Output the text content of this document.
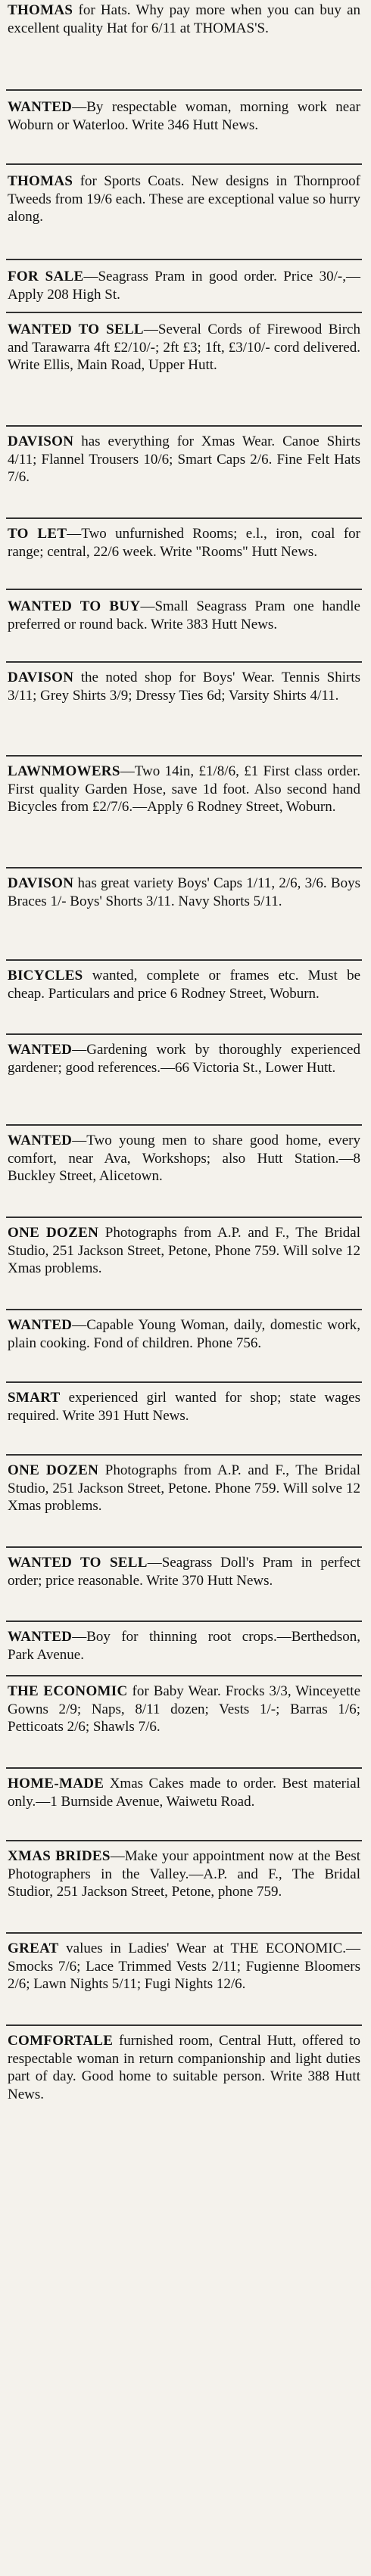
THOMAS for Hats. Why pay more when you can buy an excellent quality Hat for 6/11 at THOMAS'S.

WANTED—By respectable woman, morning work near Woburn or Waterloo. Write 346 Hutt News.

THOMAS for Sports Coats. New designs in Thornproof Tweeds from 19/6 each. These are exceptional value so hurry along.

FOR SALE—Seagrass Pram in good order. Price 30/-,—Apply 208 High St.

WANTED TO SELL—Several Cords of Firewood Birch and Tarawarra 4ft £2/10/-; 2ft £3; 1ft, £3/10/- cord delivered. Write Ellis, Main Road, Upper Hutt.

DAVISON has everything for Xmas Wear. Canoe Shirts 4/11; Flannel Trousers 10/6; Smart Caps 2/6. Fine Felt Hats 7/6.

TO LET—Two unfurnished Rooms; e.l., iron, coal for range; central, 22/6 week. Write "Rooms" Hutt News.

WANTED TO BUY—Small Seagrass Pram one handle preferred or round back. Write 383 Hutt News.

DAVISON the noted shop for Boys' Wear. Tennis Shirts 3/11; Grey Shirts 3/9; Dressy Ties 6d; Varsity Shirts 4/11.

LAWNMOWERS—Two 14in, £1/8/6, £1 First class order. First quality Garden Hose, save 1d foot. Also second hand Bicycles from £2/7/6.—Apply 6 Rodney Street, Woburn.

DAVISON has great variety Boys' Caps 1/11, 2/6, 3/6. Boys Braces 1/- Boys' Shorts 3/11. Navy Shorts 5/11.

BICYCLES wanted, complete or frames etc. Must be cheap. Particulars and price 6 Rodney Street, Woburn.

WANTED—Gardening work by thoroughly experienced gardener; good references.—66 Victoria St., Lower Hutt.

WANTED—Two young men to share good home, every comfort, near Ava, Workshops; also Hutt Station.—8 Buckley Street, Alicetown.

ONE DOZEN Photographs from A.P. and F., The Bridal Studio, 251 Jackson Street, Petone, Phone 759. Will solve 12 Xmas problems.

WANTED—Capable Young Woman, daily, domestic work, plain cooking. Fond of children. Phone 756.

SMART experienced girl wanted for shop; state wages required. Write 391 Hutt News.

ONE DOZEN Photographs from A.P. and F., The Bridal Studio, 251 Jackson Street, Petone. Phone 759. Will solve 12 Xmas problems.

WANTED TO SELL—Seagrass Doll's Pram in perfect order; price reasonable. Write 370 Hutt News.

WANTED—Boy for thinning root crops.—Berthedson, Park Avenue.

THE ECONOMIC for Baby Wear. Frocks 3/3, Winceyette Gowns 2/9; Naps, 8/11 dozen; Vests 1/-; Barras 1/6; Petticoats 2/6; Shawls 7/6.

HOME-MADE Xmas Cakes made to order. Best material only.—1 Burnside Avenue, Waiwetu Road.

XMAS BRIDES—Make your appointment now at the Best Photographers in the Valley.—A.P. and F., The Bridal Studior, 251 Jackson Street, Petone, phone 759.

GREAT values in Ladies' Wear at THE ECONOMIC.—Smocks 7/6; Lace Trimmed Vests 2/11; Fugienne Bloomers 2/6; Lawn Nights 5/11; Fugi Nights 12/6.

COMFORTALE furnished room, Central Hutt, offered to respectable woman in return companionship and light duties part of day. Good home to suitable person. Write 388 Hutt News.
